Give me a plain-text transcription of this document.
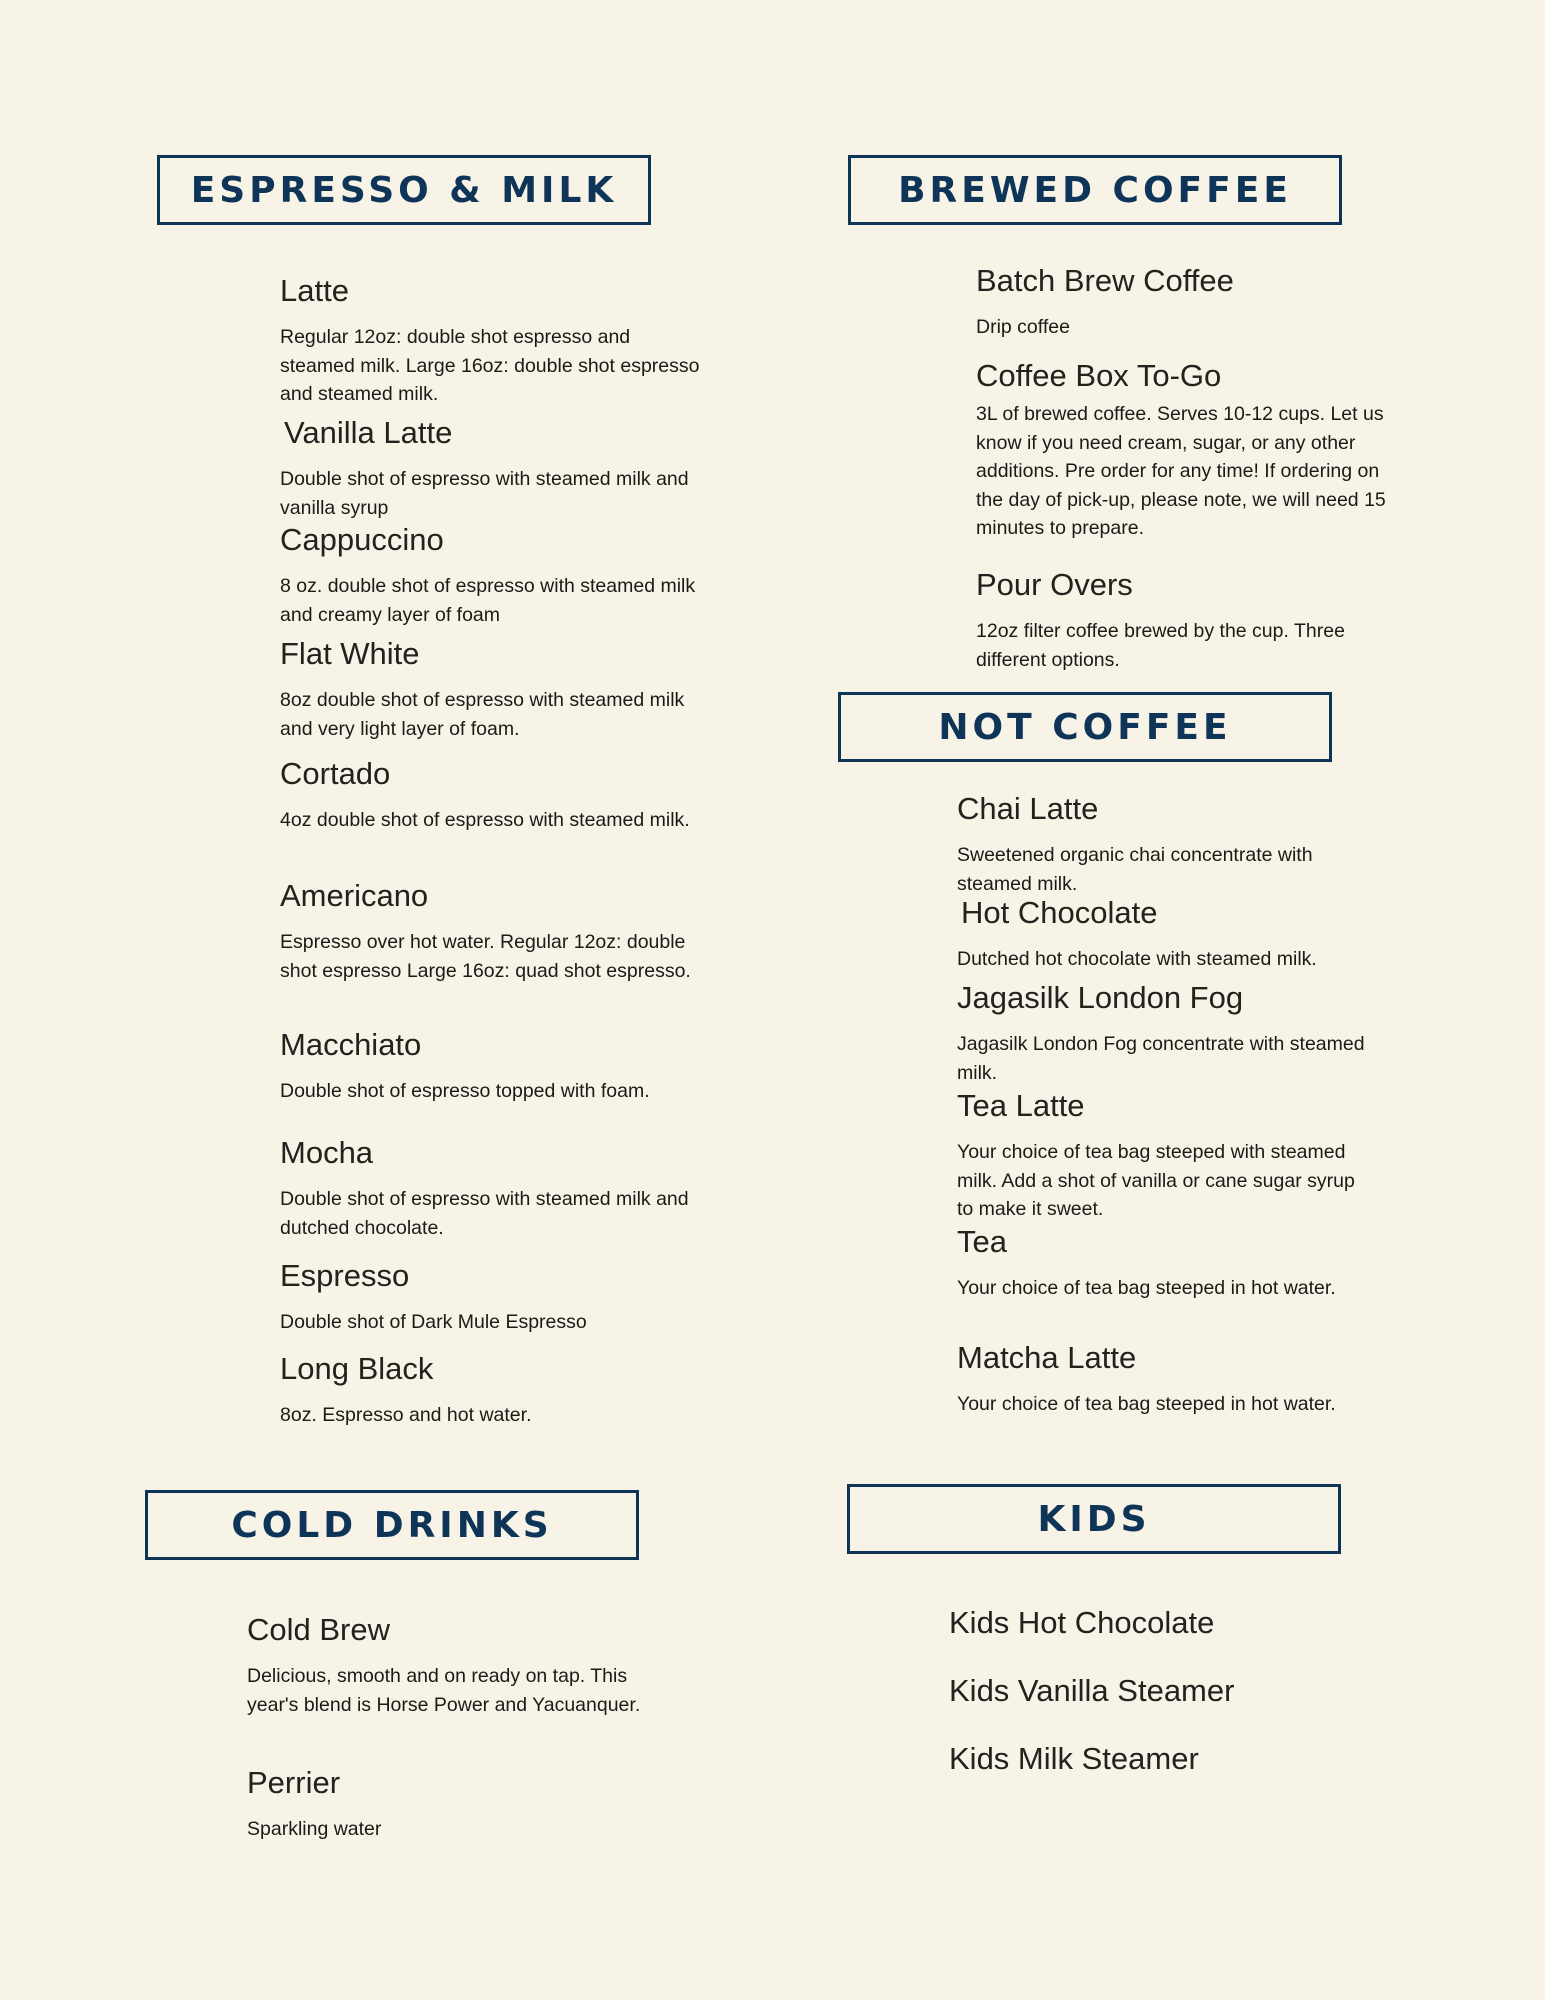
ESPRESSO & MILK
Latte
Regular 12oz: double shot espresso and steamed milk. Large 16oz: double shot espresso and steamed milk.
Vanilla Latte
Double shot of espresso with steamed milk and vanilla syrup
Cappuccino
8 oz. double shot of espresso with steamed milk and creamy layer of foam
Flat White
8oz double shot of espresso with steamed milk and very light layer of foam.
Cortado
4oz double shot of espresso with steamed milk.
Americano
Espresso over hot water. Regular 12oz: double shot espresso Large 16oz: quad shot espresso.
Macchiato
Double shot of espresso topped with foam.
Mocha
Double shot of espresso with steamed milk and dutched chocolate.
Espresso
Double shot of Dark Mule Espresso
Long Black
8oz. Espresso and hot water.
BREWED COFFEE
Batch Brew Coffee
Drip coffee
Coffee Box To-Go
3L of brewed coffee. Serves 10-12 cups. Let us know if you need cream, sugar, or any other additions. Pre order for any time! If ordering on the day of pick-up, please note, we will need 15 minutes to prepare.
Pour Overs
12oz filter coffee brewed by the cup. Three different options.
NOT COFFEE
Chai Latte
Sweetened organic chai concentrate with steamed milk.
Hot Chocolate
Dutched hot chocolate with steamed milk.
Jagasilk London Fog
Jagasilk London Fog concentrate with steamed milk.
Tea Latte
Your choice of tea bag steeped with steamed milk. Add a shot of vanilla or cane sugar syrup to make it sweet.
Tea
Your choice of tea bag steeped in hot water.
Matcha Latte
Your choice of tea bag steeped in hot water.
COLD DRINKS
Cold Brew
Delicious, smooth and on ready on tap. This year's blend is Horse Power and Yacuanquer.
Perrier
Sparkling water
KIDS
Kids Hot Chocolate
Kids Vanilla Steamer
Kids Milk Steamer
